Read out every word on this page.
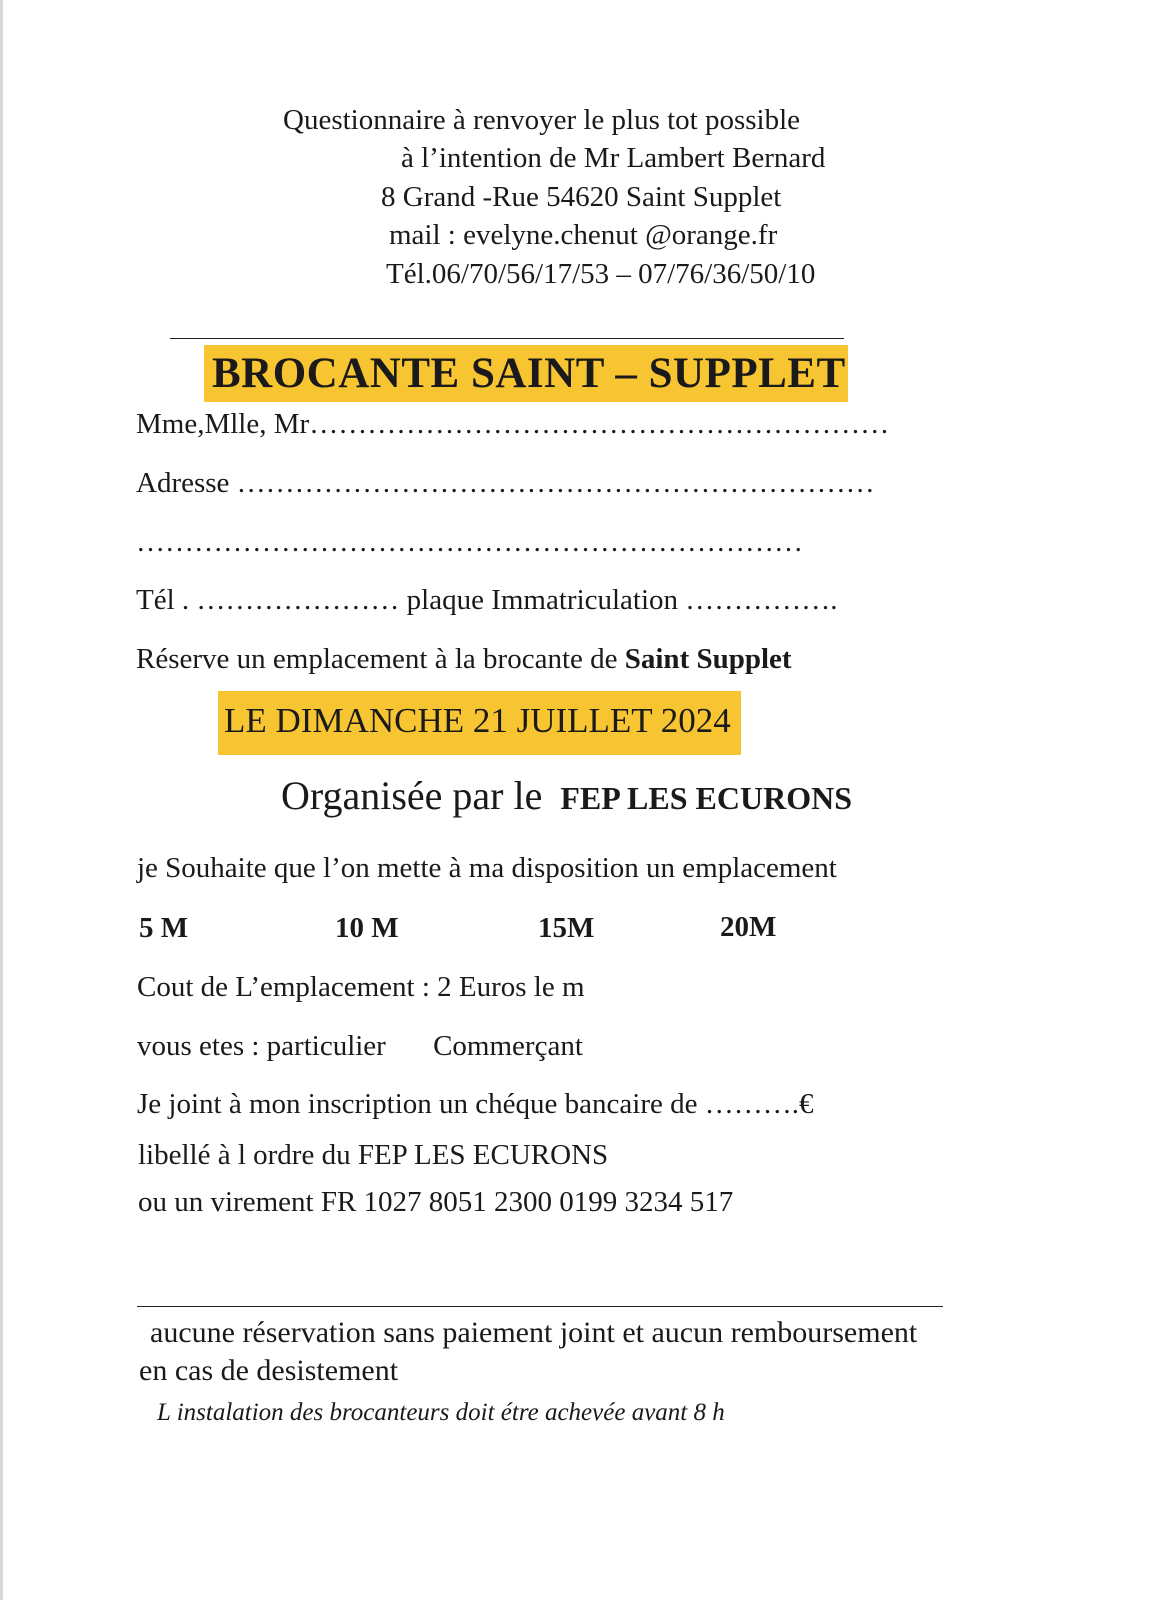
Questionnaire à renvoyer le plus tot possible
à l’intention de Mr Lambert Bernard
8 Grand -Rue 54620 Saint Supplet
mail : evelyne.chenut @orange.fr
Tél.06/70/56/17/53 – 07/76/36/50/10
BROCANTE SAINT – SUPPLET
Mme,Mlle, Mr……………………………………………………
Adresse …………………………………………………………
……………………………………………………………
Tél . ………………… plaque Immatriculation …………….
Réserve un emplacement à la brocante de Saint Supplet
LE DIMANCHE 21 JUILLET 2024
Organisée par le FEP LES ECURONS
je Souhaite que l’on mette à ma disposition un emplacement
5 M	10 M	15M	20M
Cout de L’emplacement : 2 Euros le m
vous etes : particulier Commerçant
Je joint à mon inscription un chéque bancaire de ……….€
libellé à l ordre du FEP LES ECURONS
ou un virement FR 1027 8051 2300 0199 3234 517
aucune réservation sans paiement joint et aucun remboursement
en cas de desistement
L instalation des brocanteurs doit étre achevée avant 8 h
